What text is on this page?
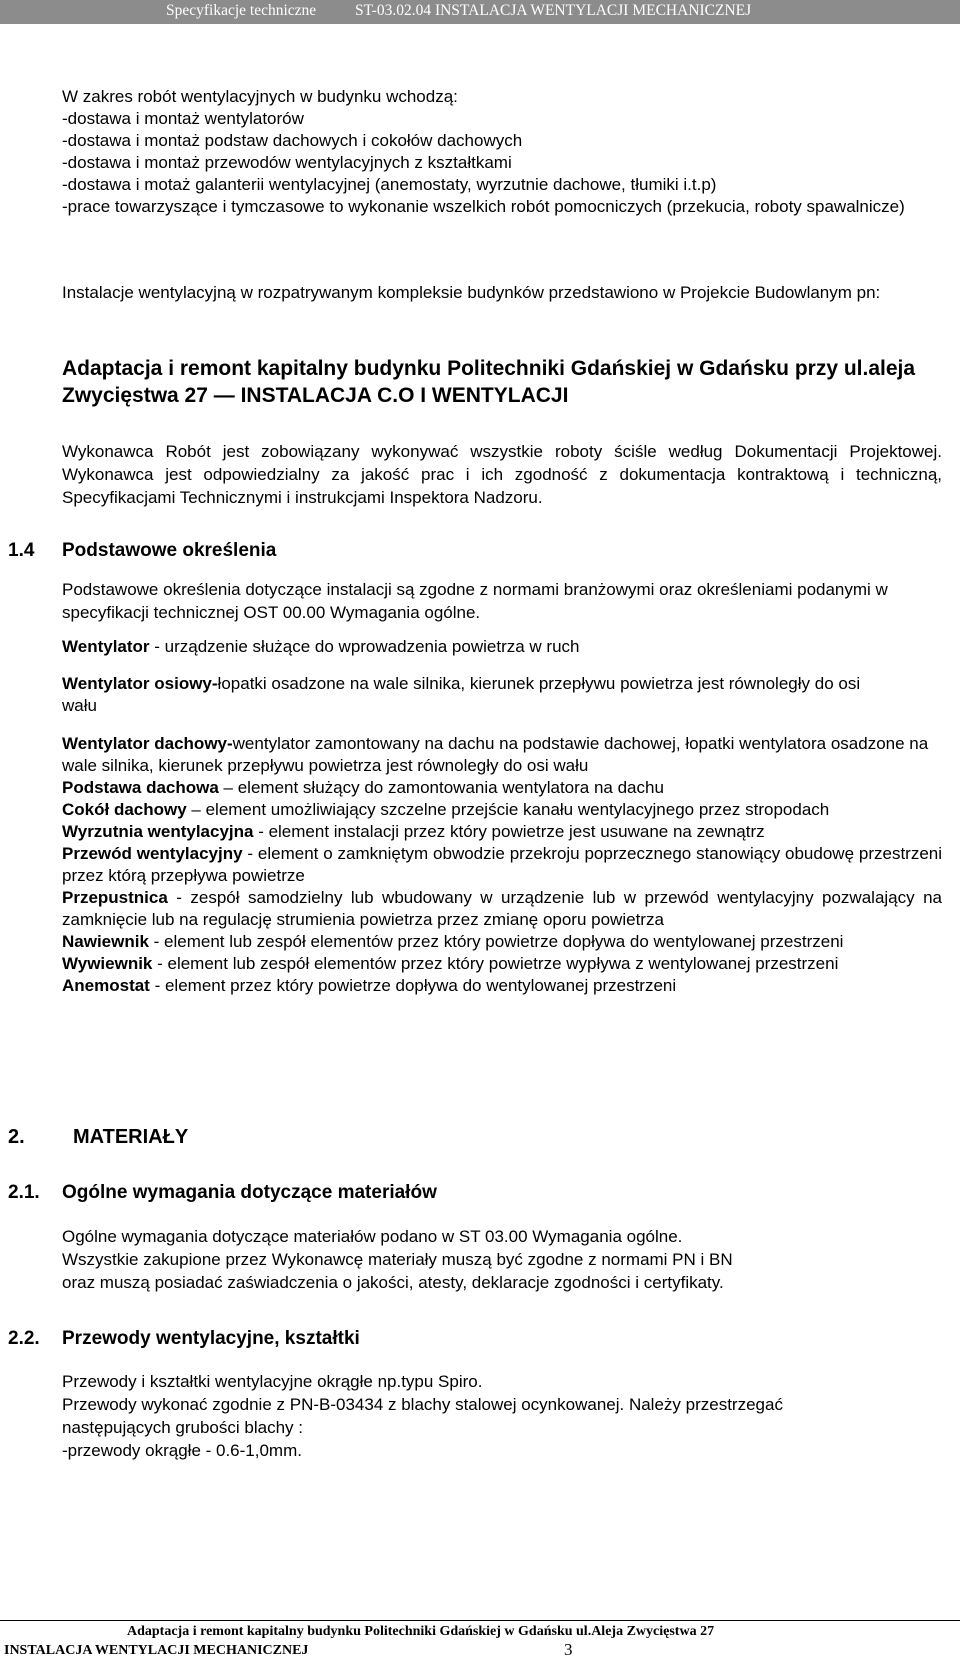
Specyfikacje techniczne	ST-03.02.04 INSTALACJA WENTYLACJI MECHANICZNEJ
W zakres robót wentylacyjnych w budynku wchodzą:
-dostawa i montaż wentylatorów
-dostawa i montaż podstaw dachowych i cokołów dachowych
-dostawa i montaż przewodów wentylacyjnych z kształtkami
-dostawa i motaż galanterii wentylacyjnej (anemostaty, wyrzutnie dachowe, tłumiki i.t.p)
-prace towarzyszące i tymczasowe to wykonanie wszelkich robót pomocniczych (przekucia, roboty spawalnicze)
Instalacje wentylacyjną w rozpatrywanym kompleksie budynków przedstawiono w Projekcie Budowlanym pn:
Adaptacja i remont kapitalny budynku Politechniki Gdańskiej w Gdańsku przy ul.aleja Zwycięstwa 27 — INSTALACJA C.O I WENTYLACJI
Wykonawca Robót jest zobowiązany wykonywać wszystkie roboty ściśle według Dokumentacji Projektowej. Wykonawca jest odpowiedzialny za jakość prac i ich zgodność z dokumentacja kontraktową i techniczną, Specyfikacjami Technicznymi i instrukcjami Inspektora Nadzoru.
1.4 Podstawowe określenia
Podstawowe określenia dotyczące instalacji są zgodne z normami branżowymi oraz określeniami podanymi w specyfikacji technicznej OST 00.00 Wymagania ogólne.
Wentylator - urządzenie służące do wprowadzenia powietrza w ruch
Wentylator osiowy-łopatki osadzone na wale silnika, kierunek przepływu powietrza jest równoległy do osi wału
Wentylator dachowy-wentylator zamontowany na dachu na podstawie dachowej, łopatki wentylatora osadzone na wale silnika, kierunek przepływu powietrza jest równoległy do osi wału
Podstawa dachowa – element służący do zamontowania wentylatora na dachu
Cokół dachowy – element umożliwiający szczelne przejście kanału wentylacyjnego przez stropodach
Wyrzutnia wentylacyjna - element instalacji przez który powietrze jest usuwane na zewnątrz
Przewód wentylacyjny - element o zamkniętym obwodzie przekroju poprzecznego stanowiący obudowę przestrzeni przez którą przepływa powietrze
Przepustnica - zespół samodzielny lub wbudowany w urządzenie lub w przewód wentylacyjny pozwalający na zamknięcie lub na regulację strumienia powietrza przez zmianę oporu powietrza
Nawiewnik - element lub zespół elementów przez który powietrze dopływa do wentylowanej przestrzeni
Wywiewnik - element lub zespół elementów przez który powietrze wypływa z wentylowanej przestrzeni
Anemostat - element przez który powietrze dopływa do wentylowanej przestrzeni
2. MATERIAŁY
2.1. Ogólne wymagania dotyczące materiałów
Ogólne wymagania dotyczące materiałów podano w ST 03.00 Wymagania ogólne.
Wszystkie zakupione przez Wykonawcę materiały muszą być zgodne z normami PN i BN
oraz muszą posiadać zaświadczenia o jakości, atesty, deklaracje zgodności i certyfikaty.
2.2. Przewody wentylacyjne, kształtki
Przewody i kształtki wentylacyjne okrągłe np.typu Spiro.
Przewody wykonać zgodnie z PN-B-03434 z blachy stalowej ocynkowanej. Należy przestrzegać
następujących grubości blachy :
-przewody okrągłe - 0.6-1,0mm.
Adaptacja i remont kapitalny budynku Politechniki Gdańskiej w Gdańsku ul.Aleja Zwycięstwa 27
INSTALACJA WENTYLACJI MECHANICZNEJ	3
